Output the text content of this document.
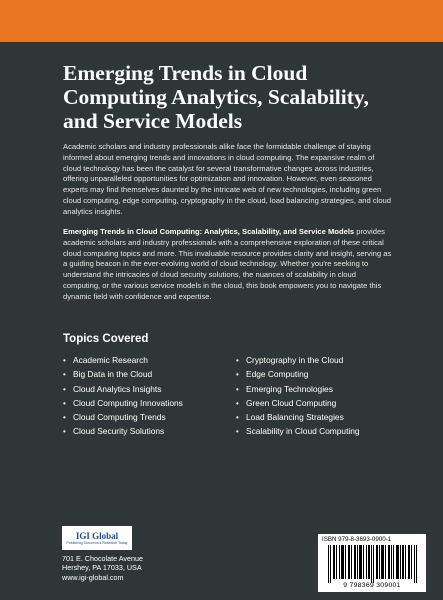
Emerging Trends in Cloud Computing Analytics, Scalability, and Service Models

Academic scholars and industry professionals alike face the formidable challenge of staying informed about emerging trends and innovations in cloud computing. The expansive realm of cloud technology has been the catalyst for several transformative changes across industries, offering unparalleled opportunities for optimization and innovation. However, even seasoned experts may find themselves daunted by the intricate web of new technologies, including green cloud computing, edge computing, cryptography in the cloud, load balancing strategies, and cloud analytics insights.

Emerging Trends in Cloud Computing: Analytics, Scalability, and Service Models provides academic scholars and industry professionals with a comprehensive exploration of these critical cloud computing topics and more. This invaluable resource provides clarity and insight, serving as a guiding beacon in the ever-evolving world of cloud technology. Whether you're seeking to understand the intricacies of cloud security solutions, the nuances of scalability in cloud computing, or the various service models in the cloud, this book empowers you to navigate this dynamic field with confidence and expertise.

Topics Covered
• Academic Research
• Big Data in the Cloud
• Cloud Analytics Insights
• Cloud Computing Innovations
• Cloud Computing Trends
• Cloud Security Solutions
• Cryptography in the Cloud
• Edge Computing
• Emerging Technologies
• Green Cloud Computing
• Load Balancing Strategies
• Scalability in Cloud Computing
IGI Global
Publishing Tomorrow's Research Today
701 E. Chocolate Avenue
Hershey, PA 17033, USA
www.igi-global.com
ISBN 979-8-3693-0900-1
9 798369 309001
